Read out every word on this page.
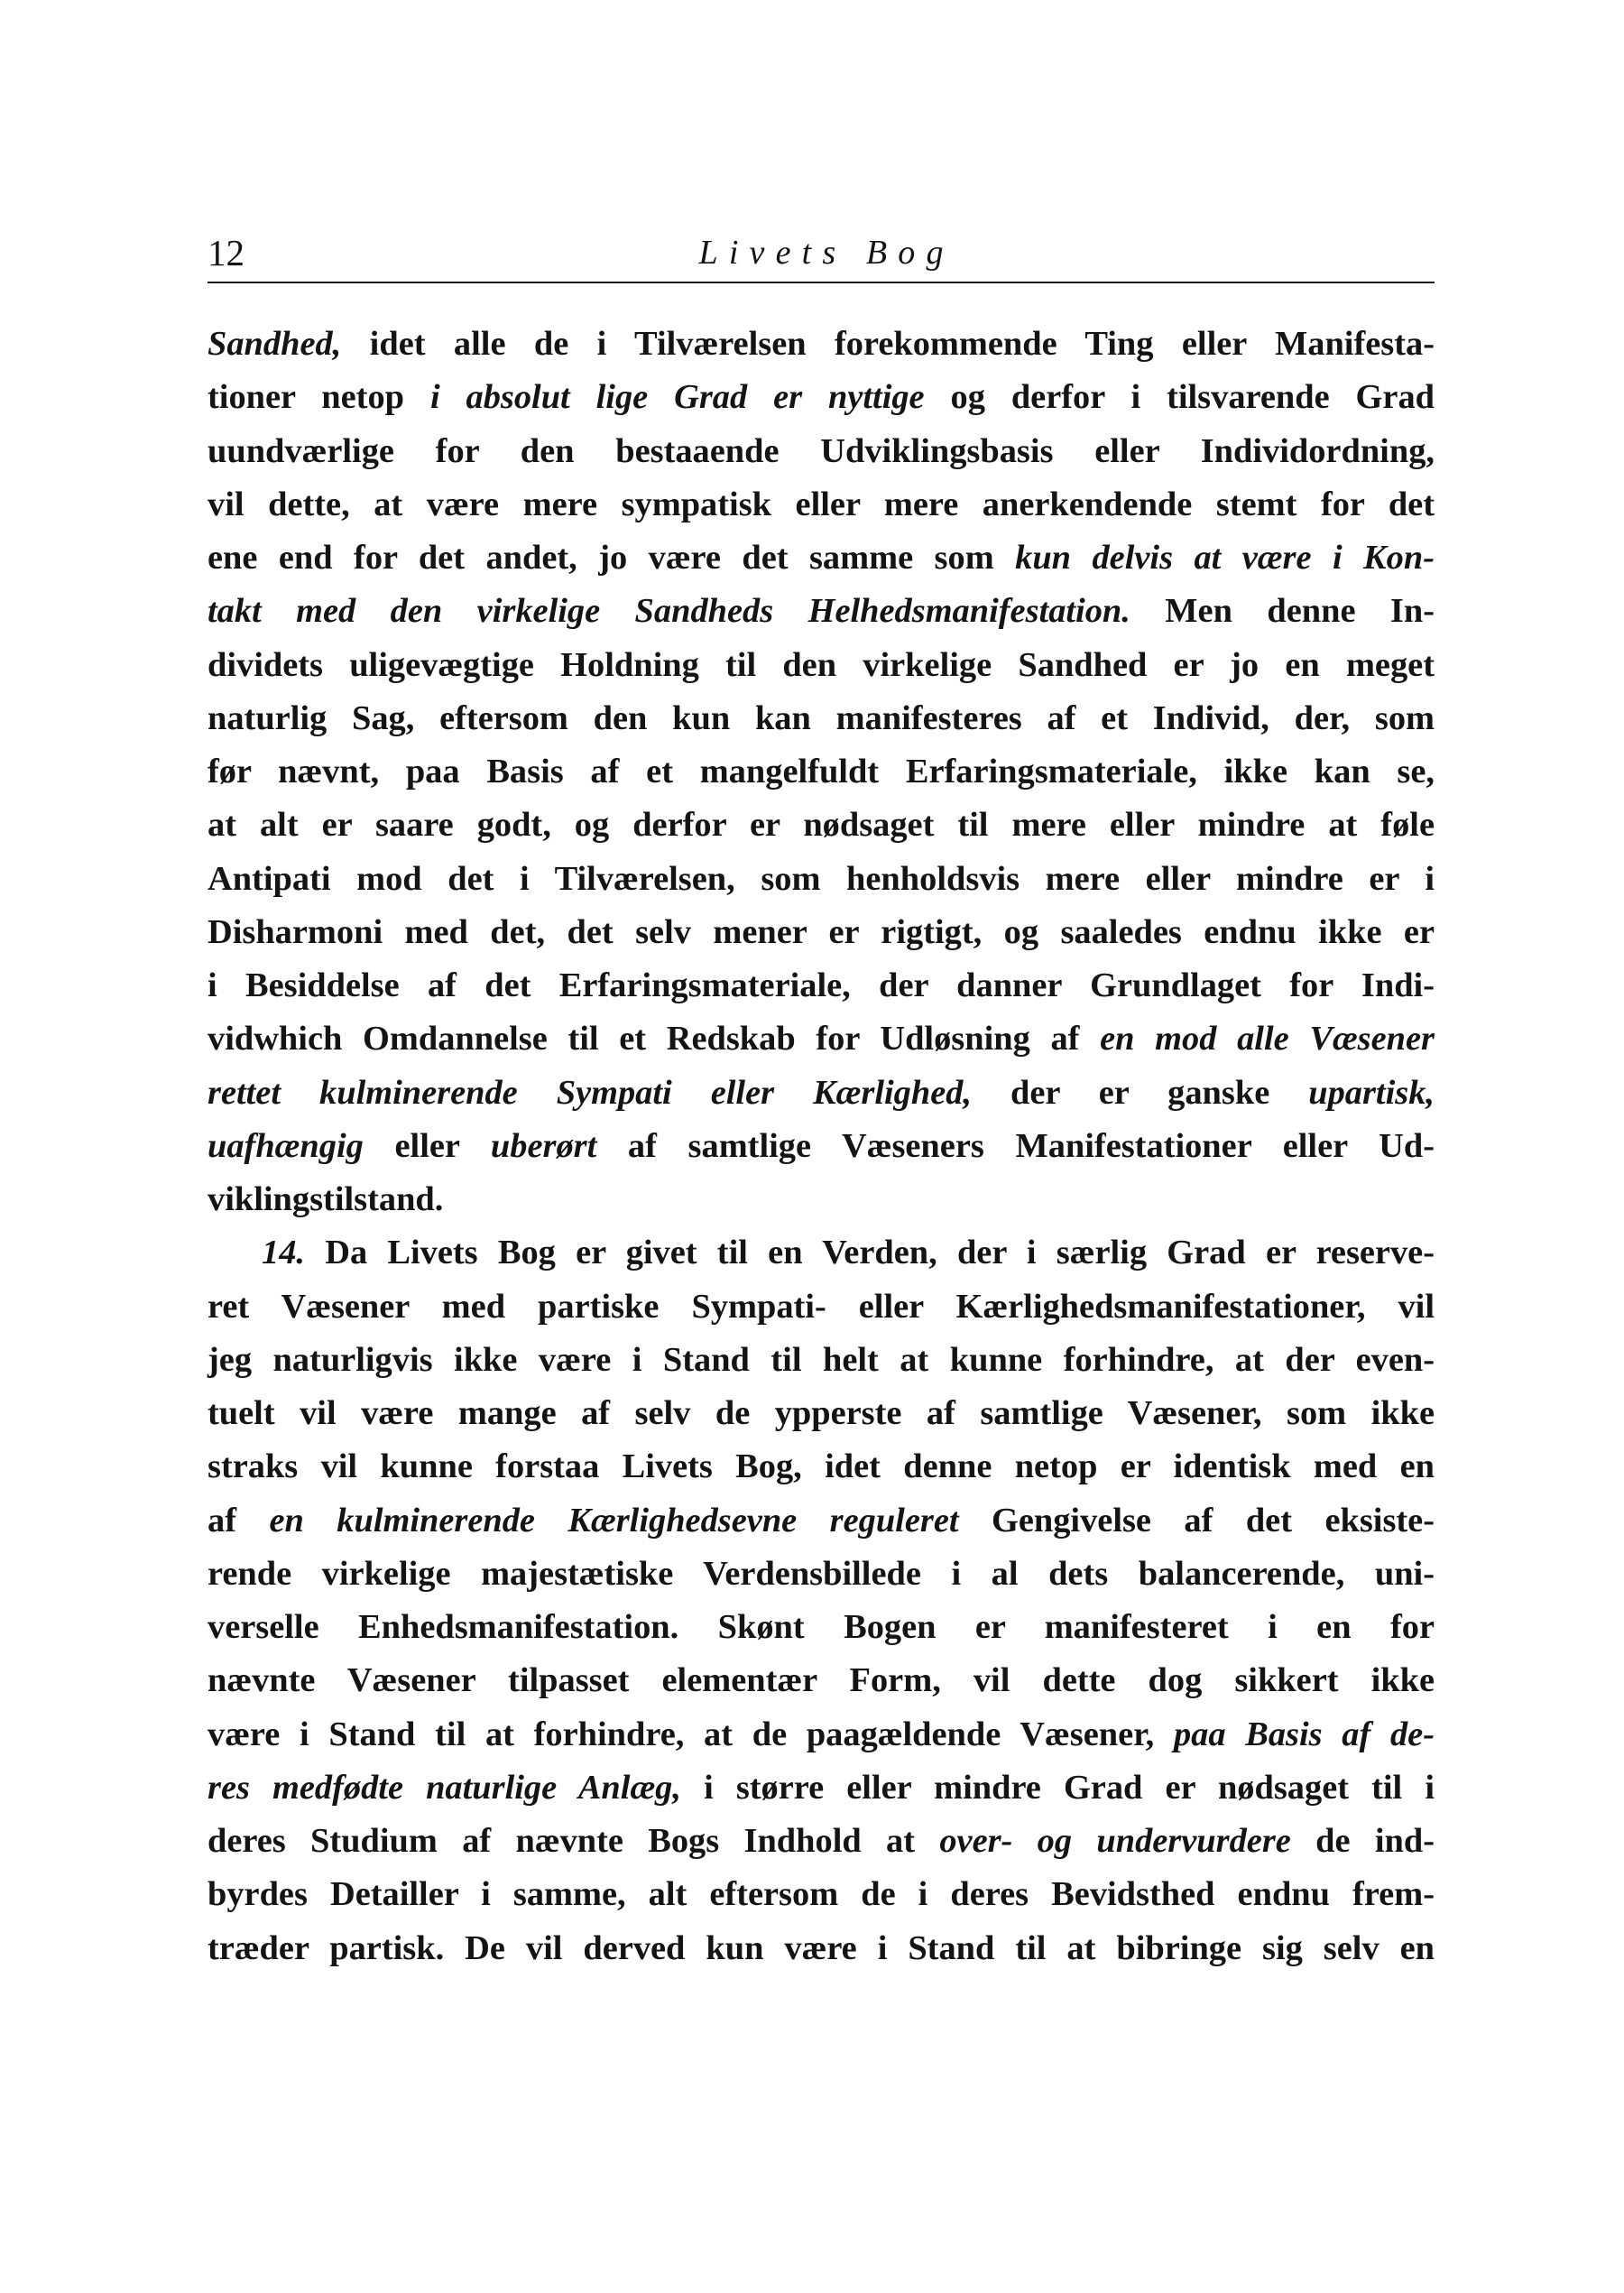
12	Livets Bog
Sandhed, idet alle de i Tilværelsen forekommende Ting eller Manifesta-
tioner netop i absolut lige Grad er nyttige og derfor i tilsvarende Grad
uundværlige for den bestaaende Udviklingsbasis eller Individordning,
vil dette, at være mere sympatisk eller mere anerkendende stemt for det
ene end for det andet, jo være det samme som kun delvis at være i Kon-
takt med den virkelige Sandheds Helhedsmanifestation. Men denne In-
dividets uligevægtige Holdning til den virkelige Sandhed er jo en meget
naturlig Sag, eftersom den kun kan manifesteres af et Individ, der, som
før nævnt, paa Basis af et mangelfuldt Erfaringsmateriale, ikke kan se,
at alt er saare godt, og derfor er nødsaget til mere eller mindre at føle
Antipati mod det i Tilværelsen, som henholdsvis mere eller mindre er i
Disharmoni med det, det selv mener er rigtigt, og saaledes endnu ikke er
i Besiddelse af det Erfaringsmateriale, der danner Grundlaget for Indi-
vidwhich Omdannelse til et Redskab for Udløsning af en mod alle Væsener
rettet kulminerende Sympati eller Kærlighed, der er ganske upartisk,
uafhængig eller uberørt af samtlige Væseners Manifestationer eller Ud-
viklingstilstand.
14. Da Livets Bog er givet til en Verden, der i særlig Grad er reserve-
ret Væsener med partiske Sympati- eller Kærlighedsmanifestationer, vil
jeg naturligvis ikke være i Stand til helt at kunne forhindre, at der even-
tuelt vil være mange af selv de ypperste af samtlige Væsener, som ikke
straks vil kunne forstaa Livets Bog, idet denne netop er identisk med en
af en kulminerende Kærlighedsevne reguleret Gengivelse af det eksiste-
rende virkelige majestætiske Verdensbillede i al dets balancerende, uni-
verselle Enhedsmanifestation. Skønt Bogen er manifesteret i en for
nævnte Væsener tilpasset elementær Form, vil dette dog sikkert ikke
være i Stand til at forhindre, at de paagældende Væsener, paa Basis af de-
res medfødte naturlige Anlæg, i større eller mindre Grad er nødsaget til i
deres Studium af nævnte Bogs Indhold at over- og undervurdere de ind-
byrdes Detailler i samme, alt eftersom de i deres Bevidsthed endnu frem-
træder partisk. De vil derved kun være i Stand til at bibringe sig selv en
